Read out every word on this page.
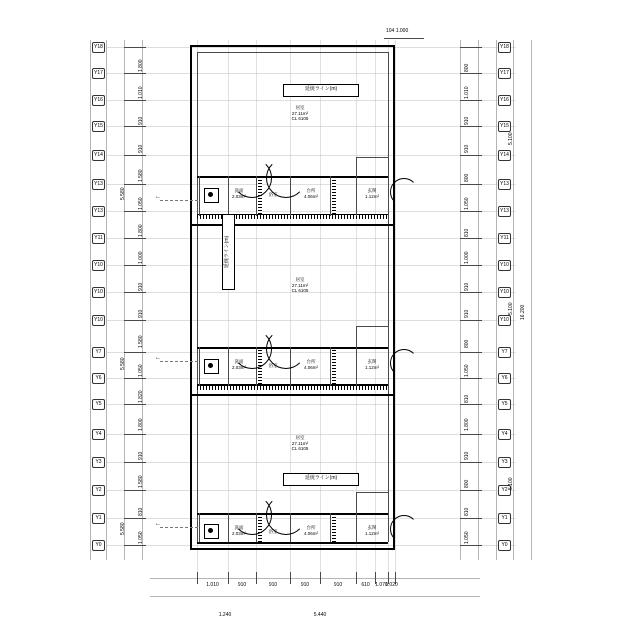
←
←
←
104 1.000
延焼ライン(m)
延焼ライン(m)
延焼ライン(m)
居室
27.11m²
CL 6105
居室
27.11m²
CL 6105
居室
27.11m²
CL 6105
洗面
2.03m²	浴室
台所
4.06m²
玄関
1.12m²
洗面
2.03m²	浴室
台所
4.06m²
玄関
1.12m²
洗面
2.03m²	浴室
台所
4.06m²
玄関
1.12m²
Y18
Y17
Y16
Y15
Y14
Y13
Y13
Y11
Y10
Y10
Y10
Y7
Y6
Y5
Y4
Y3
Y2
Y1
Y0
Y18
Y17
Y16
Y15
Y14
Y13
Y13
Y11
Y10
Y10
Y10
Y7
Y6
Y5
Y4
Y3
Y2
Y1
Y0
1.800
1.010
910
910
1.580
1.050
1.800
1.000
910
910
1.580
1.050
1.820
1.800
910
1.580
810
1.050
800
1.010
910
910
800
1.050
810
1.000
910
910
800
1.050
810
1.800
910
800
810
1.050
1.010	910	910	910	910	610 1.070
1.020
5.580
5.580
5.580
5.100
5.100
5.100
16.200
1.240	5.440
